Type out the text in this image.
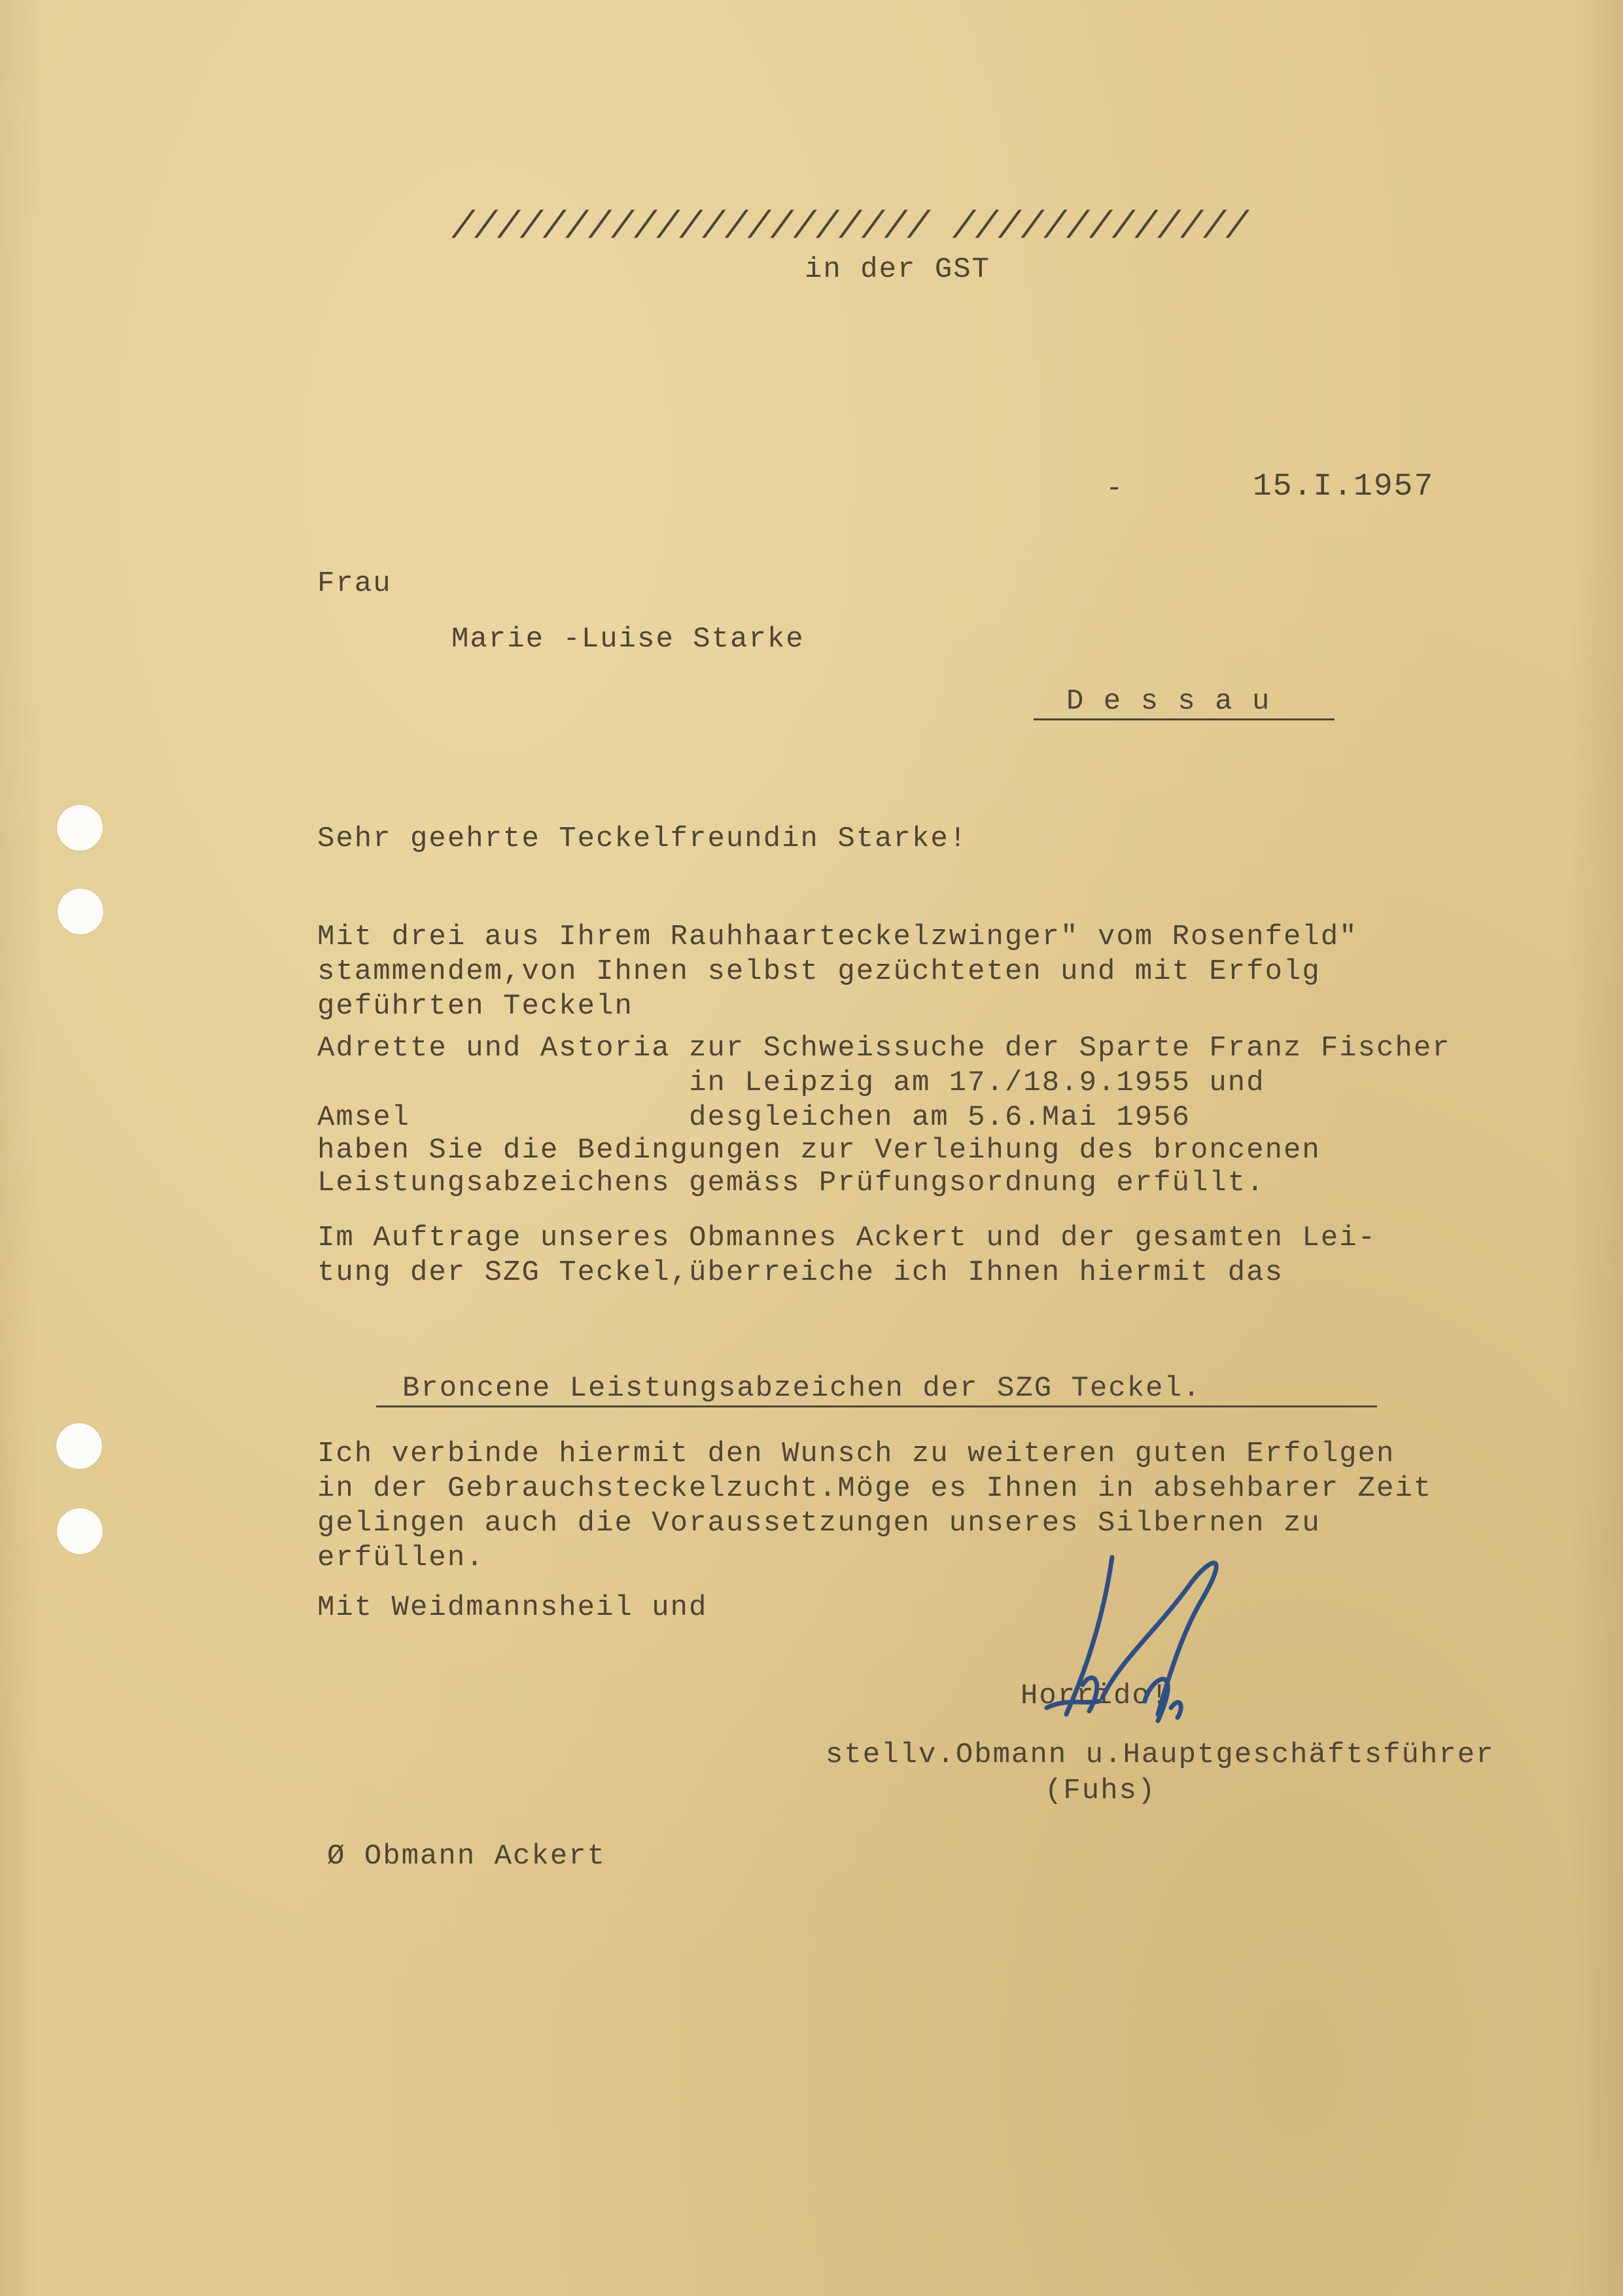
///////////////////// /////////////
in der GST
-	15.I.1957
Frau
Marie -Luise Starke
D e s s a u
Sehr geehrte Teckelfreundin Starke!
Mit drei aus Ihrem Rauhhaarteckelzwinger" vom Rosenfeld"
stammendem,von Ihnen selbst gezüchteten und mit Erfolg
geführten Teckeln
Adrette und Astoria zur Schweissuche der Sparte Franz Fischer
in Leipzig am 17./18.9.1955 und
Amsel               desgleichen am 5.6.Mai 1956
haben Sie die Bedingungen zur Verleihung des broncenen
Leistungsabzeichens gemäss Prüfungsordnung erfüllt.
Im Auftrage unseres Obmannes Ackert und der gesamten Lei-
tung der SZG Teckel,überreiche ich Ihnen hiermit das
Broncene Leistungsabzeichen der SZG Teckel.
Ich verbinde hiermit den Wunsch zu weiteren guten Erfolgen
in der Gebrauchsteckelzucht.Möge es Ihnen in absehbarer Zeit
gelingen auch die Voraussetzungen unseres Silbernen zu
erfüllen.
Mit Weidmannsheil und
Horrido!
stellv.Obmann u.Hauptgeschäftsführer
(Fuhs)
Ø Obmann Ackert
